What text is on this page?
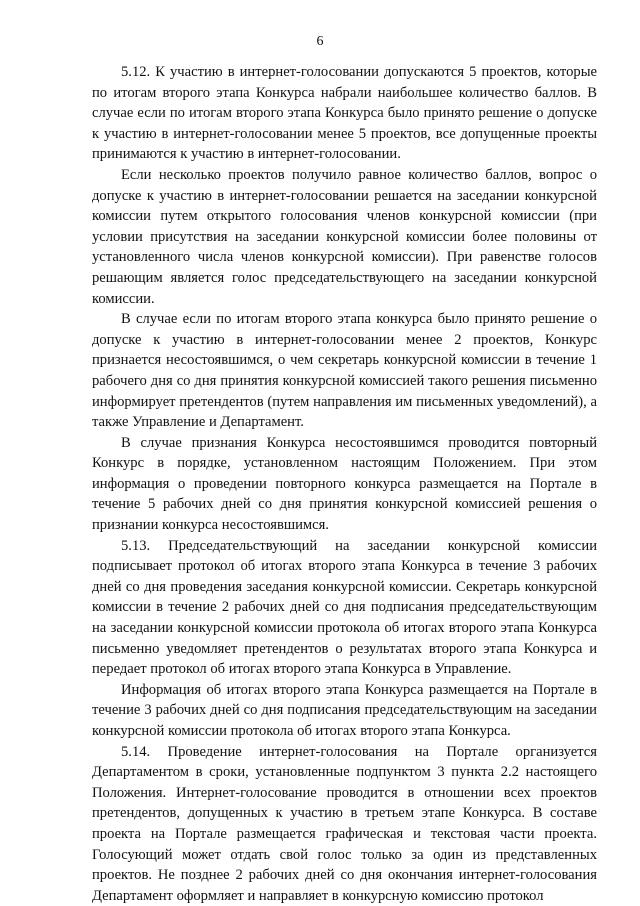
6

5.12. К участию в интернет-голосовании допускаются 5 проектов, которые по итогам второго этапа Конкурса набрали наибольшее количество баллов. В случае если по итогам второго этапа Конкурса было принято решение о допуске к участию в интернет-голосовании менее 5 проектов, все допущенные проекты принимаются к участию в интернет-голосовании.

Если несколько проектов получило равное количество баллов, вопрос о допуске к участию в интернет-голосовании решается на заседании конкурсной комиссии путем открытого голосования членов конкурсной комиссии (при условии присутствия на заседании конкурсной комиссии более половины от установленного числа членов конкурсной комиссии). При равенстве голосов решающим является голос председательствующего на заседании конкурсной комиссии.

В случае если по итогам второго этапа конкурса было принято решение о допуске к участию в интернет-голосовании менее 2 проектов, Конкурс признается несостоявшимся, о чем секретарь конкурсной комиссии в течение 1 рабочего дня со дня принятия конкурсной комиссией такого решения письменно информирует претендентов (путем направления им письменных уведомлений), а также Управление и Департамент.

В случае признания Конкурса несостоявшимся проводится повторный Конкурс в порядке, установленном настоящим Положением. При этом информация о проведении повторного конкурса размещается на Портале в течение 5 рабочих дней со дня принятия конкурсной комиссией решения о признании конкурса несостоявшимся.

5.13. Председательствующий на заседании конкурсной комиссии подписывает протокол об итогах второго этапа Конкурса в течение 3 рабочих дней со дня проведения заседания конкурсной комиссии. Секретарь конкурсной комиссии в течение 2 рабочих дней со дня подписания председательствующим на заседании конкурсной комиссии протокола об итогах второго этапа Конкурса письменно уведомляет претендентов о результатах второго этапа Конкурса и передает протокол об итогах второго этапа Конкурса в Управление.

Информация об итогах второго этапа Конкурса размещается на Портале в течение 3 рабочих дней со дня подписания председательствующим на заседании конкурсной комиссии протокола об итогах второго этапа Конкурса.

5.14. Проведение интернет-голосования на Портале организуется Департаментом в сроки, установленные подпунктом 3 пункта 2.2 настоящего Положения. Интернет-голосование проводится в отношении всех проектов претендентов, допущенных к участию в третьем этапе Конкурса. В составе проекта на Портале размещается графическая и текстовая части проекта. Голосующий может отдать свой голос только за один из представленных проектов. Не позднее 2 рабочих дней со дня окончания интернет-голосования Департамент оформляет и направляет в конкурсную комиссию протокол
